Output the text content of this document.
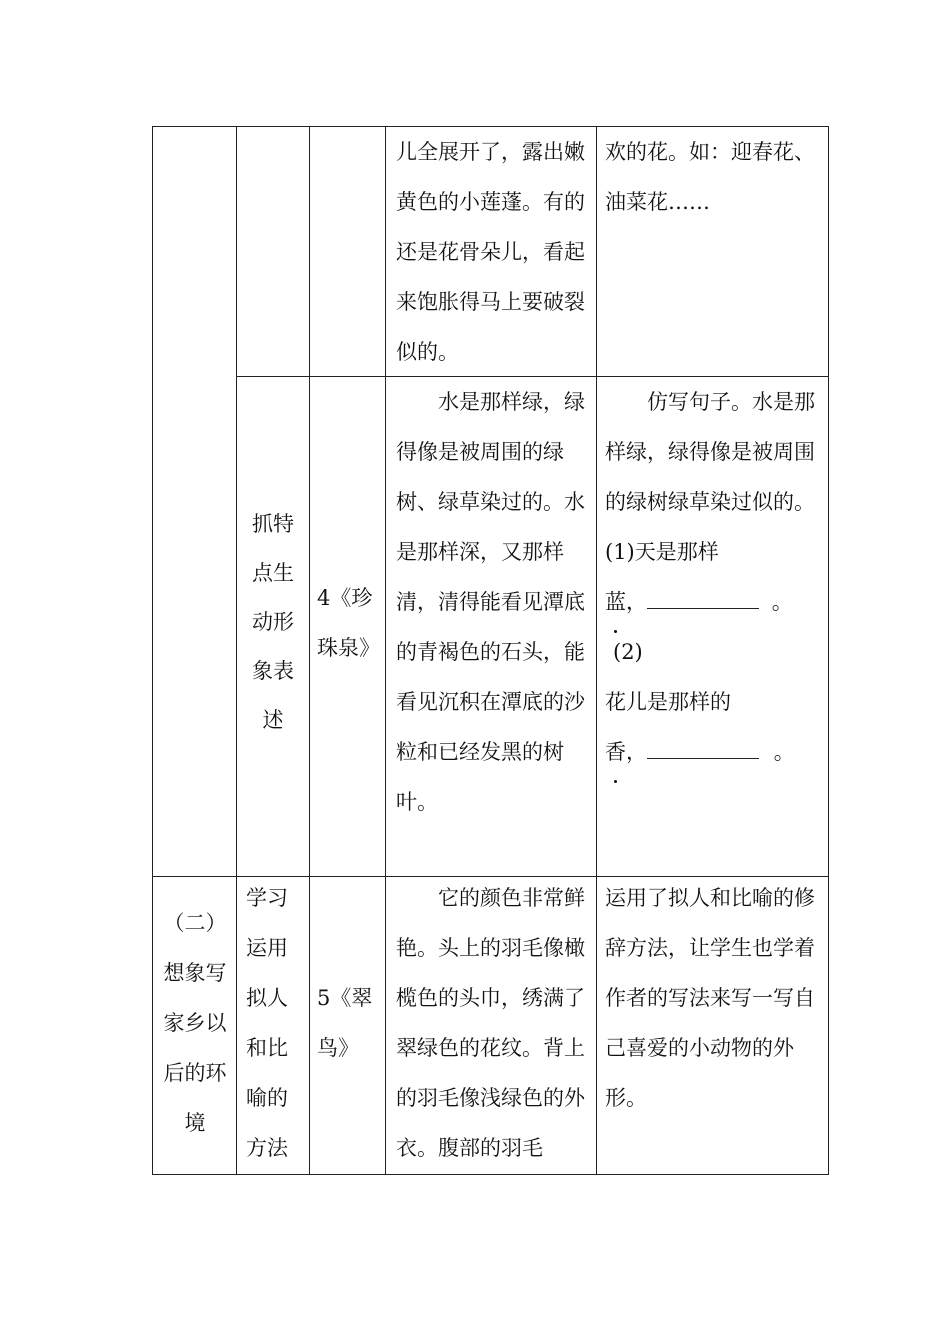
儿全展开了，露出嫩黄色的小莲蓬。有的还是花骨朵儿，看起来饱胀得马上要破裂似的。
欢的花。如：迎春花、油菜花……
抓特点生动形象表述
4《珍珠泉》
水是那样绿，绿得像是被周围的绿树、绿草染过的。水是那样深，又那样清，清得能看见潭底的青褐色的石头，能看见沉积在潭底的沙粒和已经发黑的树叶。
仿写句子。水是那样绿，绿得像是被周围的绿树绿草染过似的。
(1)天是那样
蓝，	。 (2)
花儿是那样的
香，	。
（二）想象写家乡以后的环境
学习运用拟人和比喻的方法
5《翠鸟》
它的颜色非常鲜艳。头上的羽毛像橄榄色的头巾，绣满了翠绿色的花纹。背上的羽毛像浅绿色的外衣。腹部的羽毛
运用了拟人和比喻的修辞方法，让学生也学着作者的写法来写一写自己喜爱的小动物的外形。
